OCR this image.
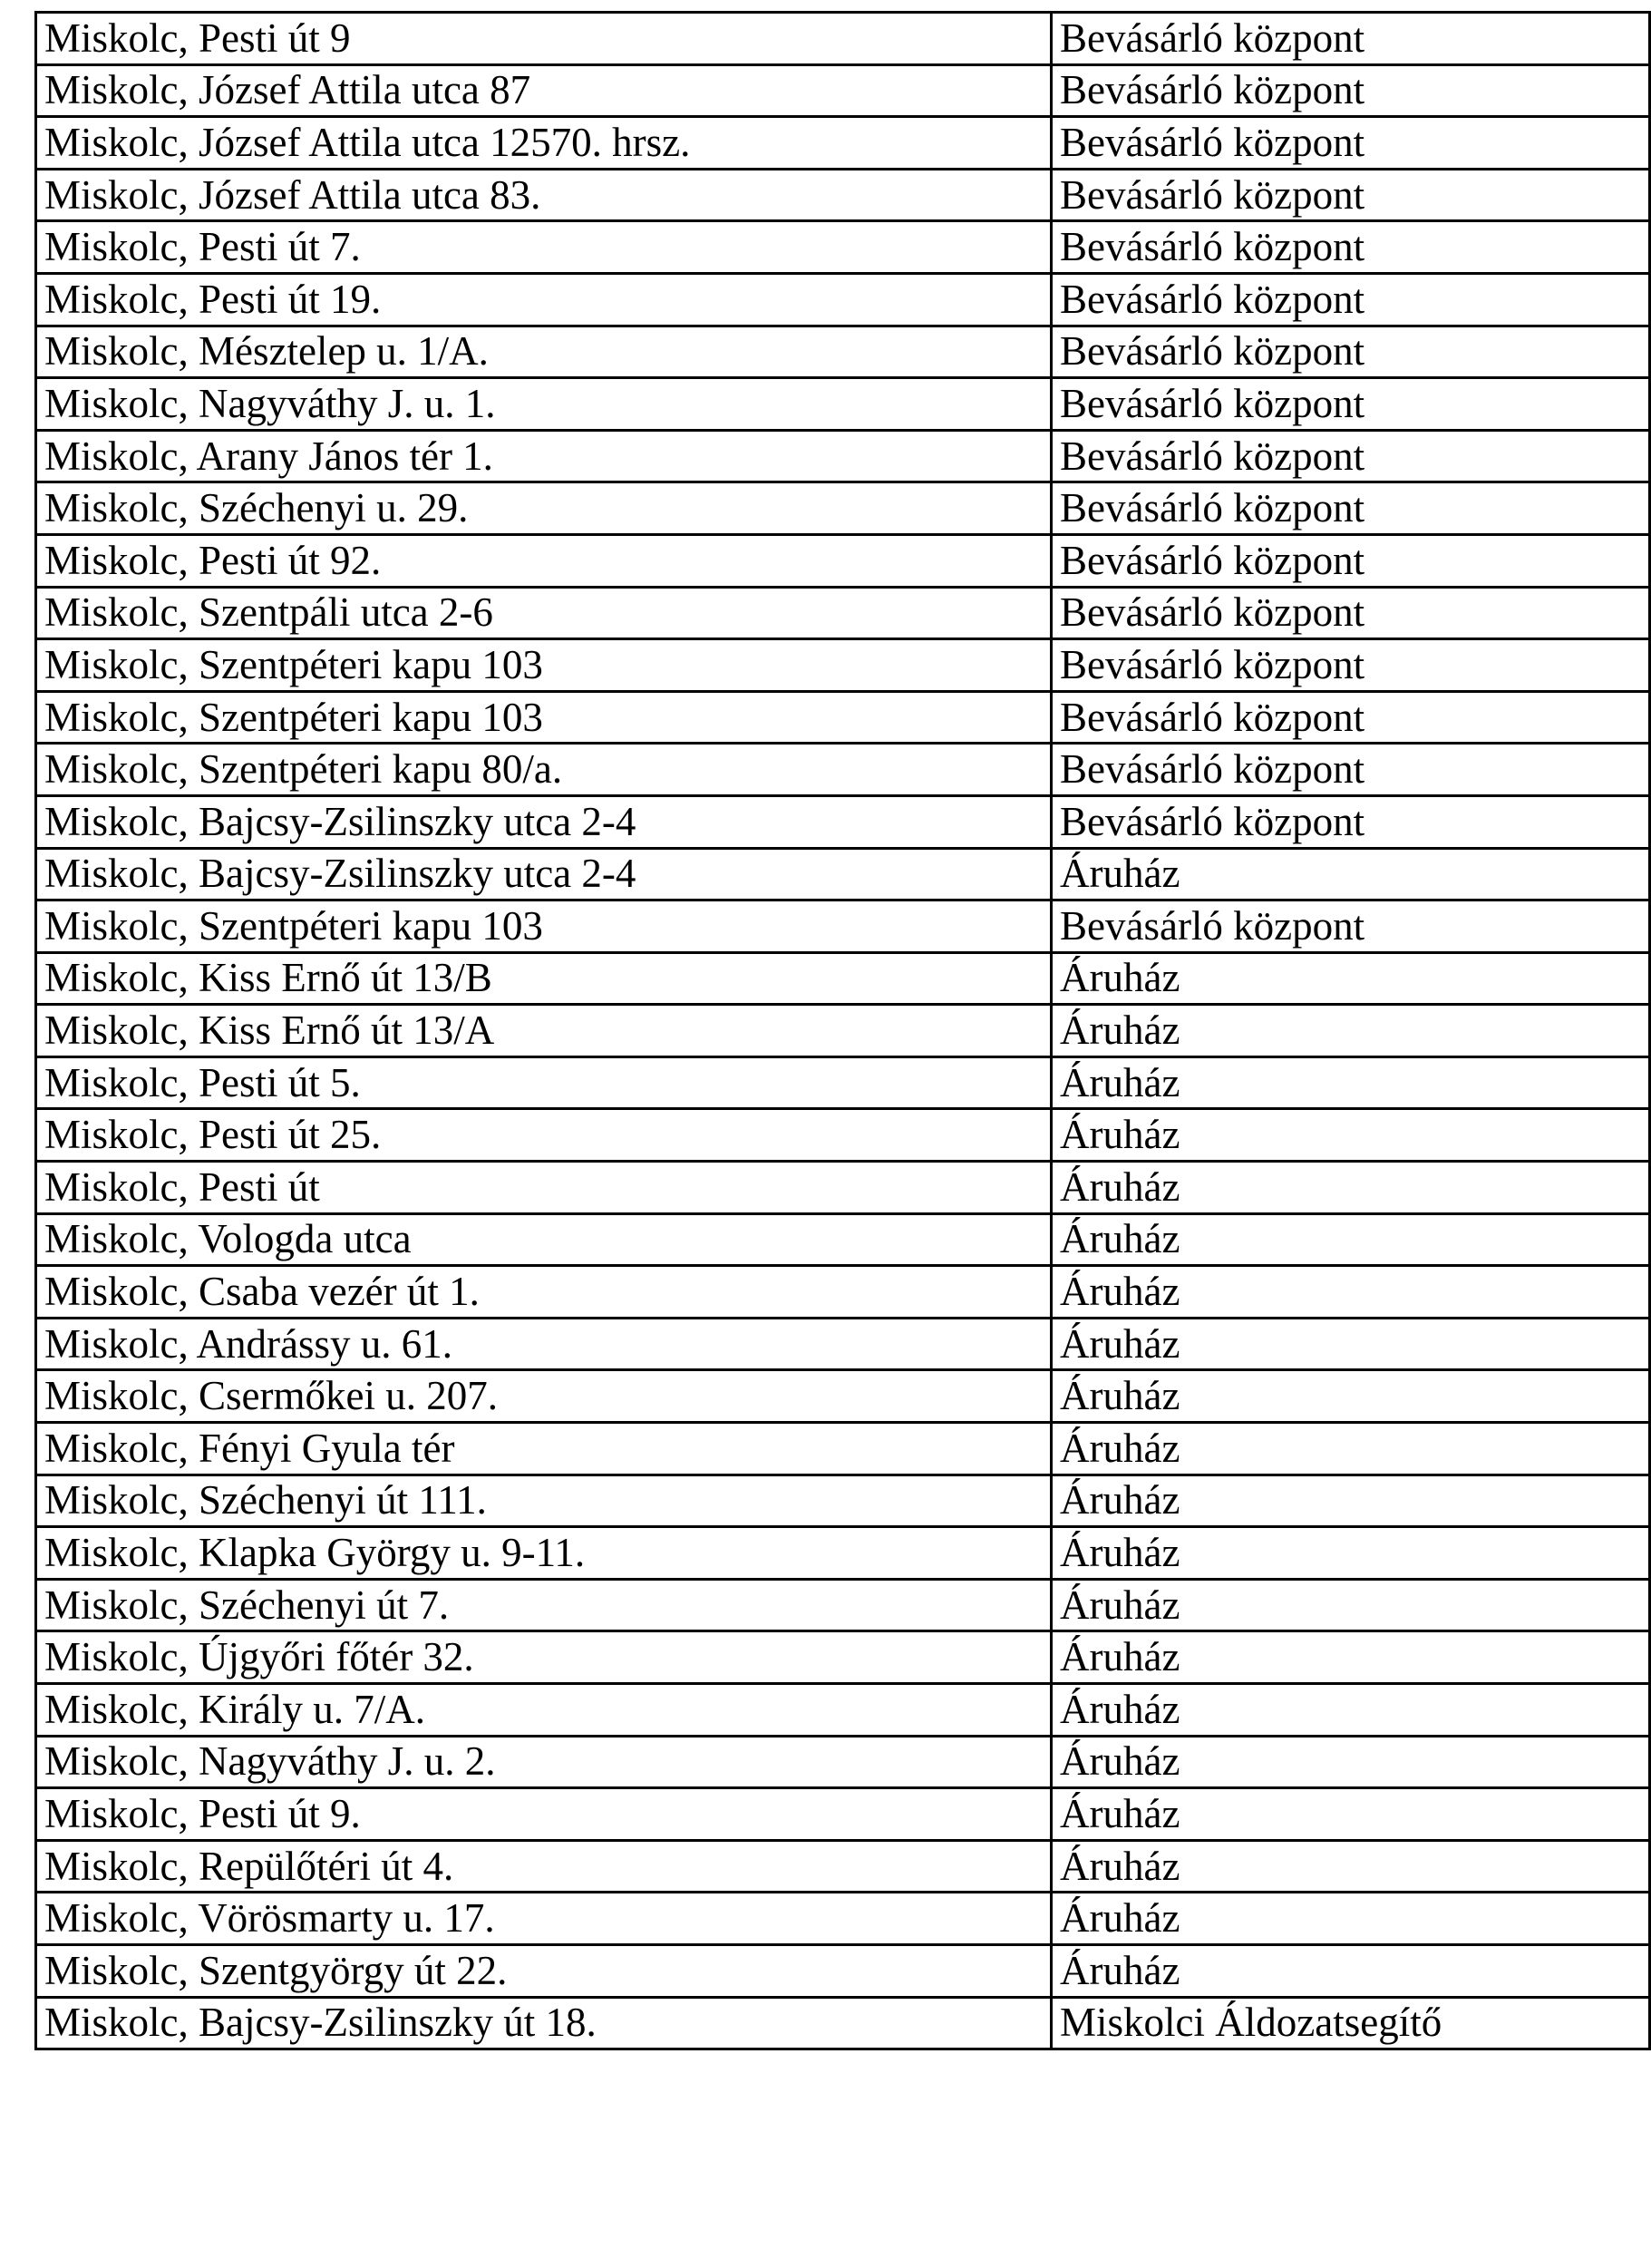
Miskolc, Pesti út 9	Bevásárló központ
Miskolc, József Attila utca 87	Bevásárló központ
Miskolc, József Attila utca 12570. hrsz.	Bevásárló központ
Miskolc, József Attila utca 83.	Bevásárló központ
Miskolc, Pesti út 7.	Bevásárló központ
Miskolc, Pesti út 19.	Bevásárló központ
Miskolc, Mésztelep u. 1/A.	Bevásárló központ
Miskolc, Nagyváthy J. u. 1.	Bevásárló központ
Miskolc, Arany János tér 1.	Bevásárló központ
Miskolc, Széchenyi u. 29.	Bevásárló központ
Miskolc, Pesti út 92.	Bevásárló központ
Miskolc, Szentpáli utca 2-6	Bevásárló központ
Miskolc, Szentpéteri kapu 103	Bevásárló központ
Miskolc, Szentpéteri kapu 103	Bevásárló központ
Miskolc, Szentpéteri kapu 80/a.	Bevásárló központ
Miskolc, Bajcsy-Zsilinszky utca 2-4	Bevásárló központ
Miskolc, Bajcsy-Zsilinszky utca 2-4	Áruház
Miskolc, Szentpéteri kapu 103	Bevásárló központ
Miskolc, Kiss Ernő út 13/B	Áruház
Miskolc, Kiss Ernő út 13/A	Áruház
Miskolc, Pesti út 5.	Áruház
Miskolc, Pesti út 25.	Áruház
Miskolc, Pesti út	Áruház
Miskolc, Vologda utca	Áruház
Miskolc, Csaba vezér út 1.	Áruház
Miskolc, Andrássy u. 61.	Áruház
Miskolc, Csermőkei u. 207.	Áruház
Miskolc, Fényi Gyula tér	Áruház
Miskolc, Széchenyi út 111.	Áruház
Miskolc, Klapka György u. 9-11.	Áruház
Miskolc, Széchenyi út 7.	Áruház
Miskolc, Újgyőri főtér 32.	Áruház
Miskolc, Király u. 7/A.	Áruház
Miskolc, Nagyváthy J. u. 2.	Áruház
Miskolc, Pesti út 9.	Áruház
Miskolc, Repülőtéri út 4.	Áruház
Miskolc, Vörösmarty u. 17.	Áruház
Miskolc, Szentgyörgy út 22.	Áruház
Miskolc, Bajcsy-Zsilinszky út 18.	Miskolci Áldozatsegítő
